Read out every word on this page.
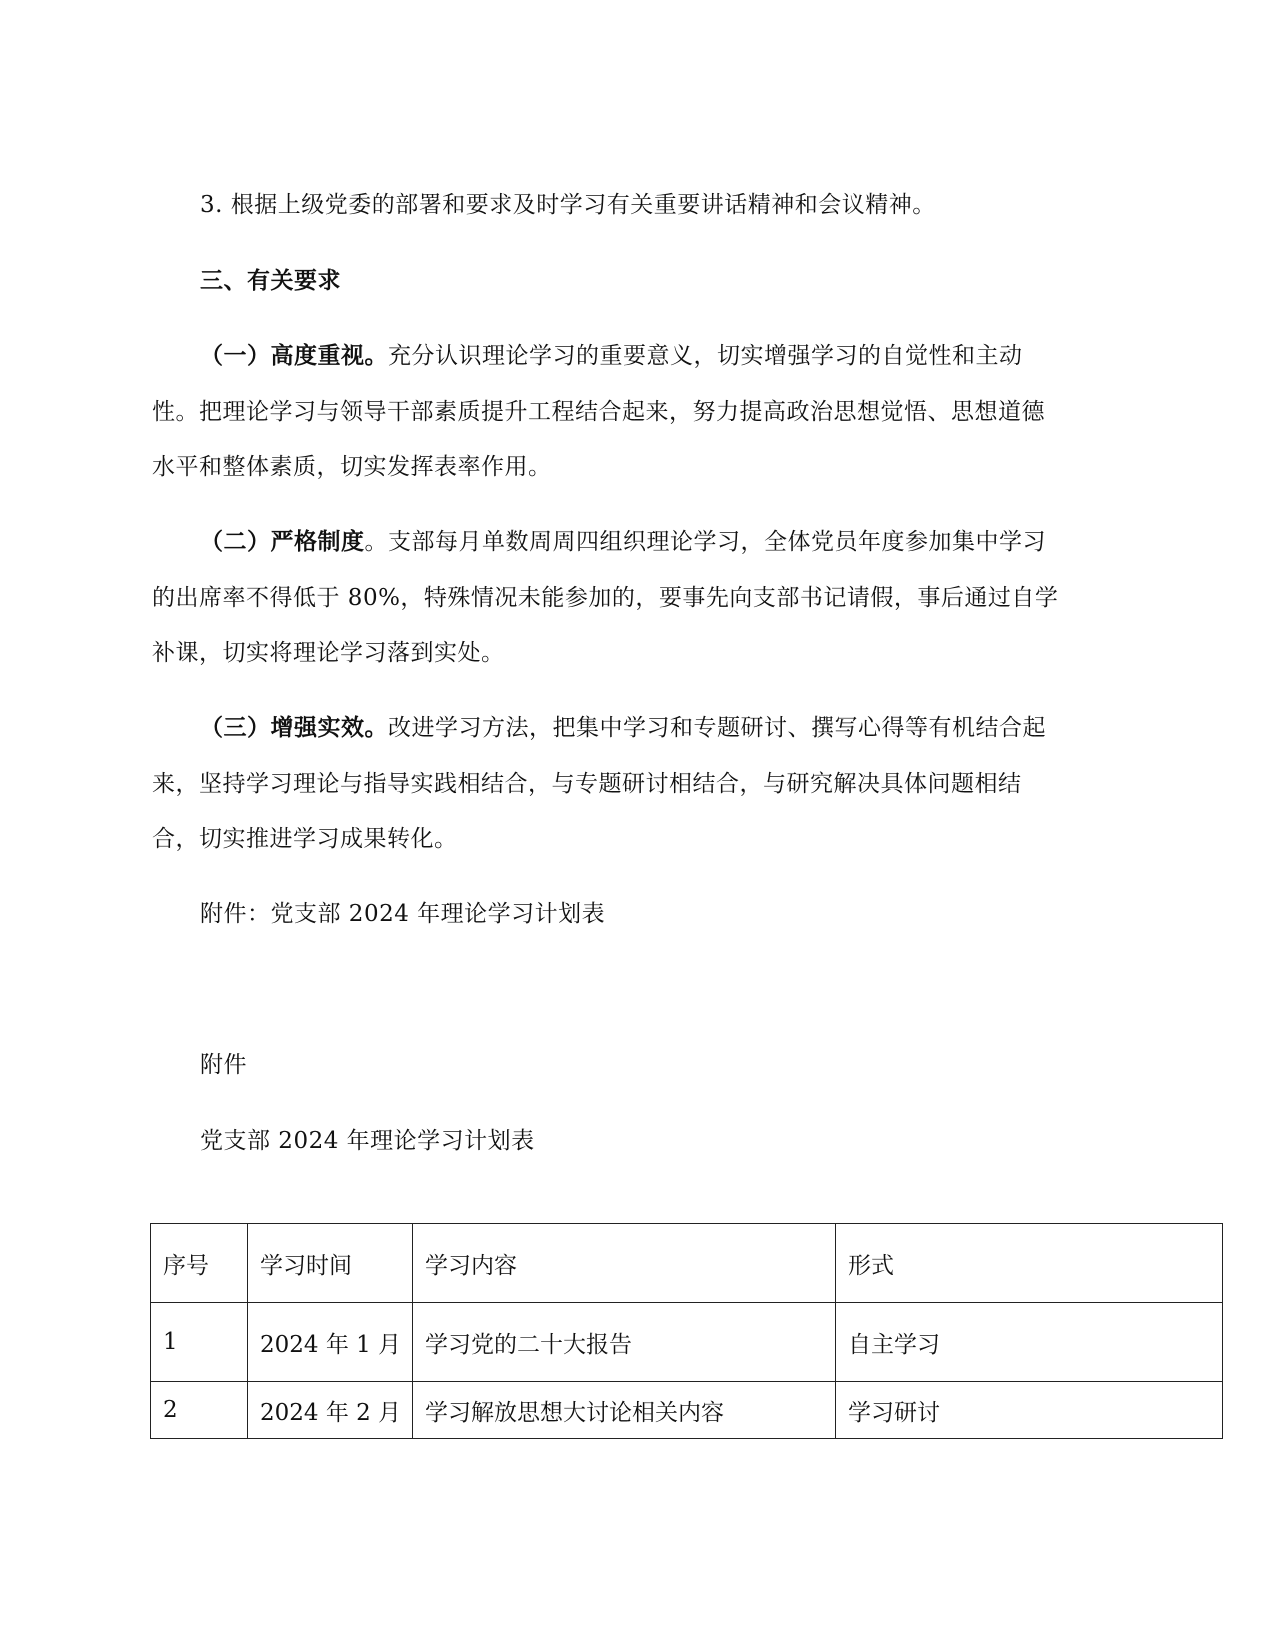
3. 根据上级党委的部署和要求及时学习有关重要讲话精神和会议精神。
三、有关要求
（一）高度重视。充分认识理论学习的重要意义，切实增强学习的自觉性和主动
性。把理论学习与领导干部素质提升工程结合起来，努力提高政治思想觉悟、思想道德
水平和整体素质，切实发挥表率作用。
（二）严格制度。支部每月单数周周四组织理论学习，全体党员年度参加集中学习
的出席率不得低于 80%，特殊情况未能参加的，要事先向支部书记请假，事后通过自学
补课，切实将理论学习落到实处。
（三）增强实效。改进学习方法，把集中学习和专题研讨、撰写心得等有机结合起
来，坚持学习理论与指导实践相结合，与专题研讨相结合，与研究解决具体问题相结
合，切实推进学习成果转化。
附件：党支部 2024 年理论学习计划表
附件
党支部 2024 年理论学习计划表
序号	学习时间	学习内容	形式
1	2024 年 1 月	学习党的二十大报告	自主学习
2	2024 年 2 月	学习解放思想大讨论相关内容	学习研讨
